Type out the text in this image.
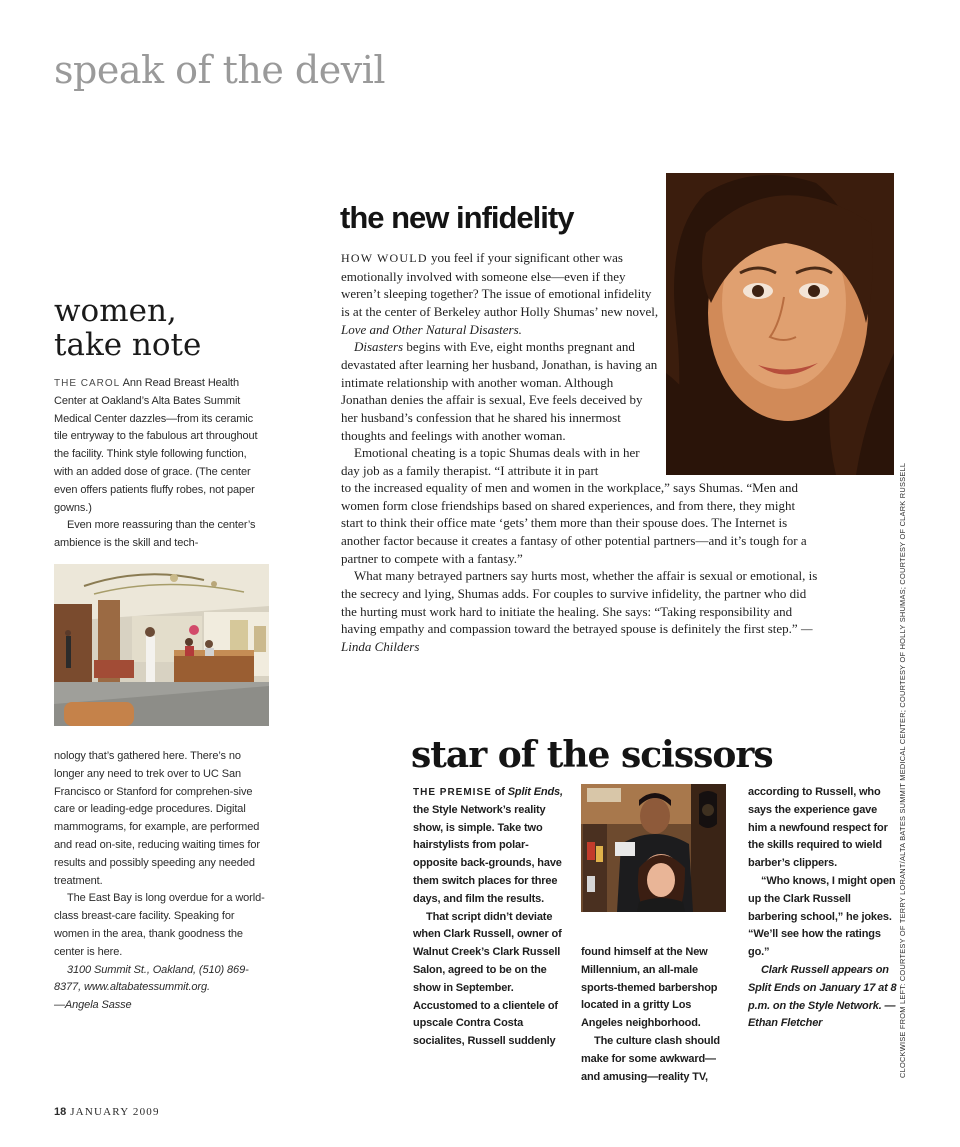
speak of the devil
women,
take note

THE CAROL Ann Read Breast Health Center at Oakland’s Alta Bates Summit Medical Center dazzles—from its ceramic tile entryway to the fabulous art throughout the facility. Think style following function, with an added dose of grace. (The center even offers patients fluffy robes, not paper gowns.)

Even more reassuring than the center’s ambience is the skill and tech-

nology that’s gathered here. There’s no longer any need to trek over to UC San Francisco or Stanford for comprehen-sive care or leading-edge procedures. Digital mammograms, for example, are performed and read on-site, reducing waiting times for results and possibly speeding any needed treatment.

The East Bay is long overdue for a world-class breast-care facility. Speaking for women in the area, thank goodness the center is here.

3100 Summit St., Oakland, (510) 869-8377, www.altabatessummit.org.

—Angela Sasse

the new infidelity

HOW WOULD you feel if your significant other was emotionally involved with someone else—even if they weren’t sleeping together? The issue of emotional infidelity is at the center of Berkeley author Holly Shumas’ new novel, Love and Other Natural Disasters.

Disasters begins with Eve, eight months pregnant and devastated after learning her husband, Jonathan, is having an intimate relationship with another woman. Although Jonathan denies the affair is sexual, Eve feels deceived by her husband’s confession that he shared his innermost thoughts and feelings with another woman.

Emotional cheating is a topic Shumas deals with in her day job as a family therapist. “I attribute it in part

to the increased equality of men and women in the workplace,” says Shumas. “Men and women form close friendships based on shared experiences, and from there, they might start to think their office mate ‘gets’ them more than their spouse does. The Internet is another factor because it creates a fantasy of other potential partners—and it’s tough for a partner to compete with a fantasy.”

What many betrayed partners say hurts most, whether the affair is sexual or emotional, is the secrecy and lying, Shumas adds. For couples to survive infidelity, the partner who did the hurting must work hard to initiate the healing. She says: “Taking responsibility and having empathy and compassion toward the betrayed spouse is definitely the first step.” —Linda Childers	CLOCKWISE FROM LEFT: COURTESY OF TERRY LORANT/ALTA BATES SUMMIT MEDICAL CENTER; COURTESY OF HOLLY SHUMAS; COURTESY OF CLARK RUSSELL
star of the scissors

THE PREMISE of Split Ends, the Style Network’s reality show, is simple. Take two hairstylists from polar-opposite back-grounds, have them switch places for three days, and film the results.

That script didn’t deviate when Clark Russell, owner of Walnut Creek’s Clark Russell Salon, agreed to be on the show in September. Accustomed to a clientele of upscale Contra Costa socialites, Russell suddenly

found himself at the New Millennium, an all-male sports-themed barbershop located in a gritty Los Angeles neighborhood.

The culture clash should make for some awkward—and amusing—reality TV,

according to Russell, who says the experience gave him a newfound respect for the skills required to wield barber’s clippers.

“Who knows, I might open up the Clark Russell barbering school,” he jokes. “We’ll see how the ratings go.”

Clark Russell appears on Split Ends on January 17 at 8 p.m. on the Style Network. —Ethan Fletcher

18 JANUARY 2009
